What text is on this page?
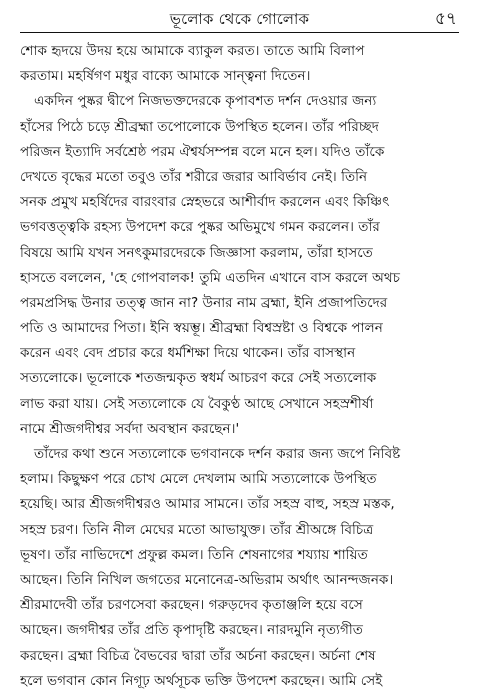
ভূলোক থেকে গোলোক	৫৭
শোক হৃদয়ে উদয় হয়ে আমাকে ব্যাকুল করত। তাতে আমি বিলাপ
করতাম। মহর্ষিগণ মধুর বাক্যে আমাকে সান্ত্বনা দিতেন।
একদিন পুষ্কর দ্বীপে নিজভক্তদেরকে কৃপাবশত দর্শন দেওয়ার জন্য
হাঁসের পিঠে চড়ে শ্রীব্রহ্মা তপোলোকে উপস্থিত হলেন। তাঁর পরিচ্ছদ
পরিজন ইত্যাদি সর্বশ্রেষ্ঠ পরম ঐশ্বর্যসম্পন্ন বলে মনে হল। যদিও তাঁকে
দেখতে বৃদ্ধের মতো তবুও তাঁর শরীরে জরার আবির্ভাব নেই। তিনি
সনক প্রমুখ মহর্ষিদের বারংবার স্নেহভরে আশীর্বাদ করলেন এবং কিঞ্চিৎ
ভগবত্তত্ত্বকি রহস্য উপদেশ করে পুষ্কর অভিমুখে গমন করলেন। তাঁর
বিষয়ে আমি যখন সনৎকুমারদেরকে জিজ্ঞাসা করলাম, তাঁরা হাসতে
হাসতে বললেন, 'হে গোপবালক! তুমি এতদিন এখানে বাস করলে অথচ
পরমপ্রসিদ্ধ উনার তত্ত্ব জান না? উনার নাম ব্রহ্মা, ইনি প্রজাপতিদের
পতি ও আমাদের পিতা। ইনি স্বয়ম্ভূ। শ্রীব্রহ্মা বিশ্বস্রষ্টা ও বিশ্বকে পালন
করেন এবং বেদ প্রচার করে ধর্মশিক্ষা দিয়ে থাকেন। তাঁর বাসস্থান
সত্যলোকে। ভূলোকে শতজন্মকৃত স্বধর্ম আচরণ করে সেই সত্যলোক
লাভ করা যায়। সেই সত্যলোকে যে বৈকুণ্ঠ আছে সেখানে সহস্রশীর্ষা
নামে শ্রীজগদীশ্বর সর্বদা অবস্থান করছেন।'
তাঁদের কথা শুনে সত্যলোকে ভগবানকে দর্শন করার জন্য জপে নিবিষ্ট
হলাম। কিছুক্ষণ পরে চোখ মেলে দেখলাম আমি সত্যলোকে উপস্থিত
হয়েছি। আর শ্রীজগদীশ্বরও আমার সামনে। তাঁর সহস্র বাহু, সহস্র মস্তক,
সহস্র চরণ। তিনি নীল মেঘের মতো আভাযুক্ত। তাঁর শ্রীঅঙ্গে বিচিত্র
ভূষণ। তাঁর নাভিদেশে প্রফুল্ল কমল। তিনি শেষনাগের শয্যায় শায়িত
আছেন। তিনি নিখিল জগতের মনোনেত্র-অভিরাম অর্থাৎ আনন্দজনক।
শ্রীরমাদেবী তাঁর চরণসেবা করছেন। গরুড়দেব কৃতাঞ্জলি হয়ে বসে
আছেন। জগদীশ্বর তাঁর প্রতি কৃপাদৃষ্টি করছেন। নারদমুনি নৃত্যগীত
করছেন। ব্রহ্মা বিচিত্র বৈভবের দ্বারা তাঁর অর্চনা করছেন। অর্চনা শেষ
হলে ভগবান কোন নিগূঢ় অর্থসূচক ভক্তি উপদেশ করছেন। আমি সেই
